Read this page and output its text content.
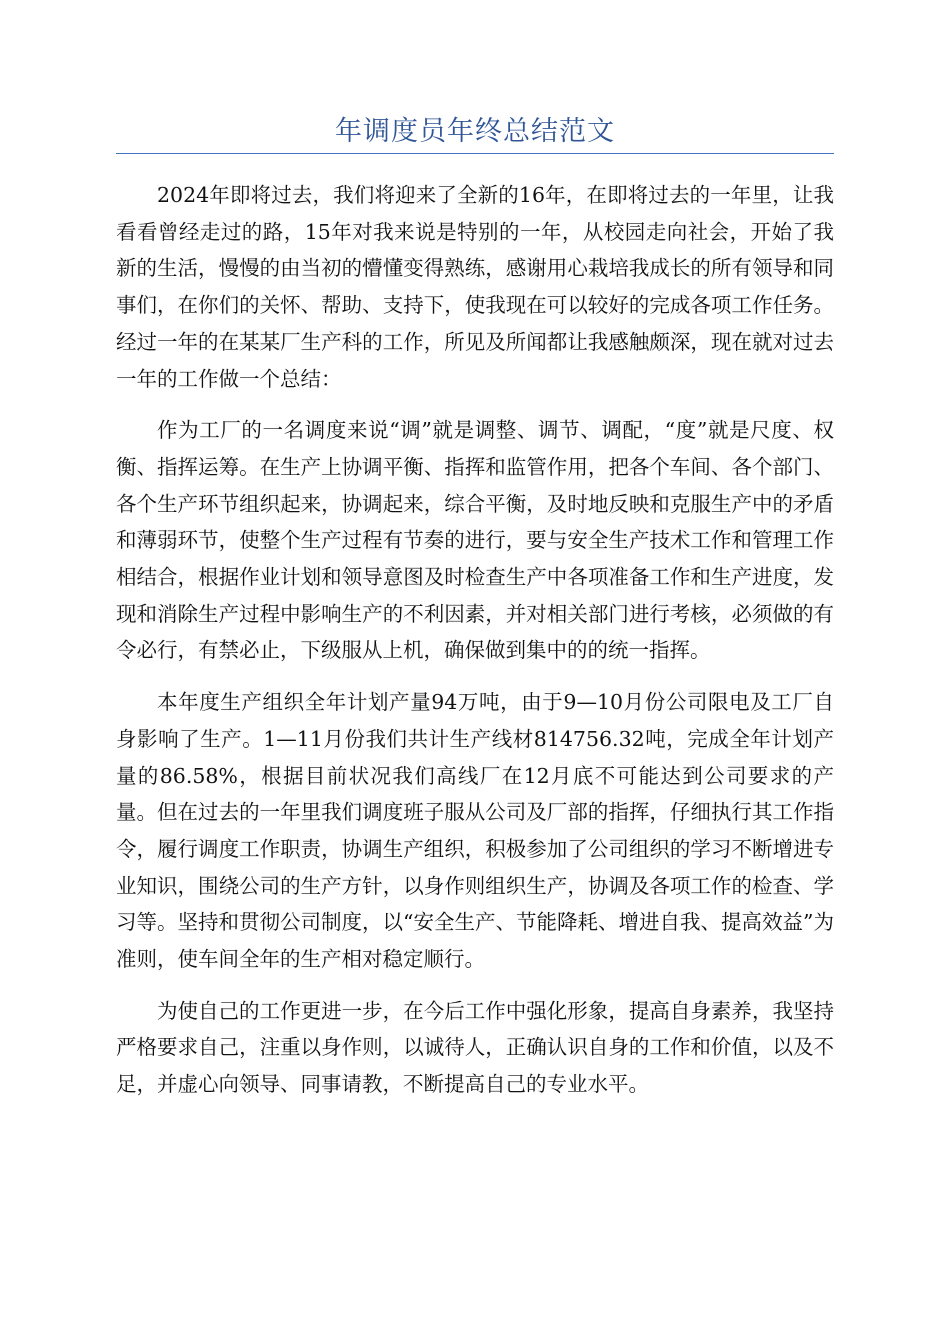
年调度员年终总结范文

2024年即将过去，我们将迎来了全新的16年，在即将过去的一年里，让我看看曾经走过的路，15年对我来说是特别的一年，从校园走向社会，开始了我新的生活，慢慢的由当初的懵懂变得熟练，感谢用心栽培我成长的所有领导和同事们，在你们的关怀、帮助、支持下，使我现在可以较好的完成各项工作任务。经过一年的在某某厂生产科的工作，所见及所闻都让我感触颇深，现在就对过去一年的工作做一个总结：

作为工厂的一名调度来说“调”就是调整、调节、调配，“度”就是尺度、权衡、指挥运筹。在生产上协调平衡、指挥和监管作用，把各个车间、各个部门、各个生产环节组织起来，协调起来，综合平衡，及时地反映和克服生产中的矛盾和薄弱环节，使整个生产过程有节奏的进行，要与安全生产技术工作和管理工作相结合，根据作业计划和领导意图及时检查生产中各项准备工作和生产进度，发现和消除生产过程中影响生产的不利因素，并对相关部门进行考核，必须做的有令必行，有禁必止，下级服从上机，确保做到集中的的统一指挥。

本年度生产组织全年计划产量94万吨，由于9—10月份公司限电及工厂自身影响了生产。1—11月份我们共计生产线材814756.32吨，完成全年计划产量的86.58%，根据目前状况我们高线厂在12月底不可能达到公司要求的产量。但在过去的一年里我们调度班子服从公司及厂部的指挥，仔细执行其工作指令，履行调度工作职责，协调生产组织，积极参加了公司组织的学习不断增进专业知识，围绕公司的生产方针，以身作则组织生产，协调及各项工作的检查、学习等。坚持和贯彻公司制度，以“安全生产、节能降耗、增进自我、提高效益”为准则，使车间全年的生产相对稳定顺行。

为使自己的工作更进一步，在今后工作中强化形象，提高自身素养，我坚持严格要求自己，注重以身作则，以诚待人，正确认识自身的工作和价值，以及不足，并虚心向领导、同事请教，不断提高自己的专业水平。
